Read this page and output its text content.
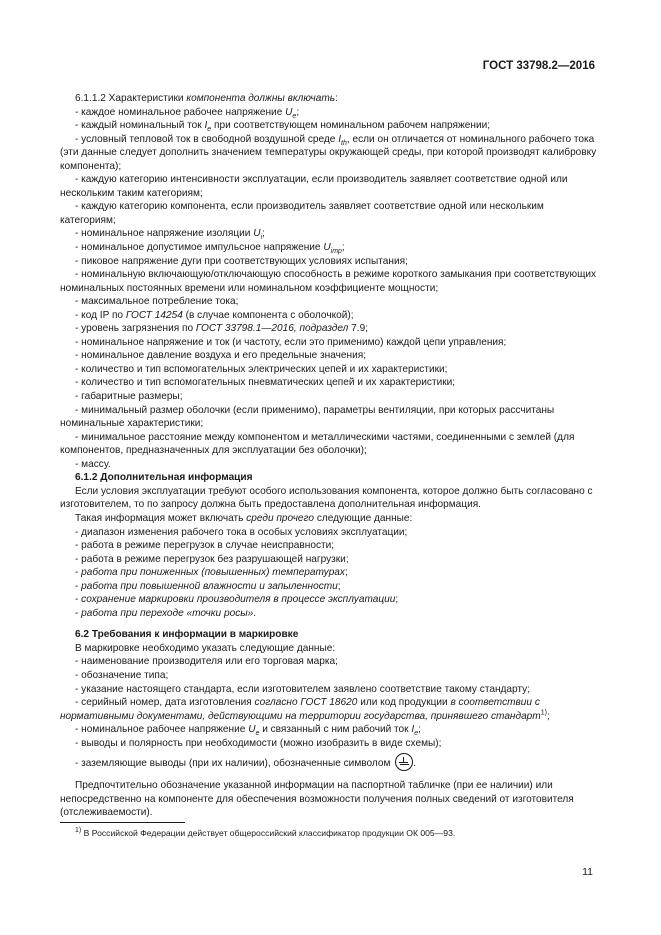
ГОСТ 33798.2—2016
6.1.1.2 Характеристики компонента должны включать:
- каждое номинальное рабочее напряжение $U_e$;
- каждый номинальный ток $I_e$ при соответствующем номинальном рабочем напряжении;
- условный тепловой ток в свободной воздушной среде $I_{th}$, если он отличается от номинального рабочего тока (эти данные следует дополнить значением температуры окружающей среды, при которой производят калибровку компонента);
- каждую категорию интенсивности эксплуатации, если производитель заявляет соответствие одной или нескольким таким категориям;
- каждую категорию компонента, если производитель заявляет соответствие одной или нескольким категориям;
- номинальное напряжение изоляции $U_i$;
- номинальное допустимое импульсное напряжение $U_{imp}$;
- пиковое напряжение дуги при соответствующих условиях испытания;
- номинальную включающую/отключающую способность в режиме короткого замыкания при соответствующих номинальных постоянных времени или номинальном коэффициенте мощности;
- максимальное потребление тока;
- код IP по ГОСТ 14254 (в случае компонента с оболочкой);
- уровень загрязнения по ГОСТ 33798.1—2016, подраздел 7.9;
- номинальное напряжение и ток (и частоту, если это применимо) каждой цепи управления;
- номинальное давление воздуха и его предельные значения;
- количество и тип вспомогательных электрических цепей и их характеристики;
- количество и тип вспомогательных пневматических цепей и их характеристики;
- габаритные размеры;
- минимальный размер оболочки (если применимо), параметры вентиляции, при которых рассчитаны номинальные характеристики;
- минимальное расстояние между компонентом и металлическими частями, соединенными с землей (для компонентов, предназначенных для эксплуатации без оболочки);
- массу.
6.1.2 Дополнительная информация
Если условия эксплуатации требуют особого использования компонента, которое должно быть согласовано с изготовителем, то по запросу должна быть предоставлена дополнительная информация.
Такая информация может включать среди прочего следующие данные:
- диапазон изменения рабочего тока в особых условиях эксплуатации;
- работа в режиме перегрузок в случае неисправности;
- работа в режиме перегрузок без разрушающей нагрузки;
- работа при пониженных (повышенных) температурах;
- работа при повышенной влажности и запыленности;
- сохранение маркировки производителя в процессе эксплуатации;
- работа при переходе «точки росы».
6.2 Требования к информации в маркировке
В маркировке необходимо указать следующие данные:
- наименование производителя или его торговая марка;
- обозначение типа;
- указание настоящего стандарта, если изготовителем заявлено соответствие такому стандарту;
- серийный номер, дата изготовления согласно ГОСТ 18620 или код продукции в соответствии с нормативными документами, действующими на территории государства, принявшего стандарт$^{1)}$;
- номинальное рабочее напряжение $U_e$ и связанный с ним рабочий ток $I_e$;
- выводы и полярность при необходимости (можно изобразить в виде схемы);
- заземляющие выводы (при их наличии), обозначенные символом .
Предпочтительно обозначение указанной информации на паспортной табличке (при ее наличии) или непосредственно на компоненте для обеспечения возможности получения полных сведений от изготовителя (отслеживаемости).
$^{1)}$ В Российской Федерации действует общероссийский классификатор продукции ОК 005—93.
11
